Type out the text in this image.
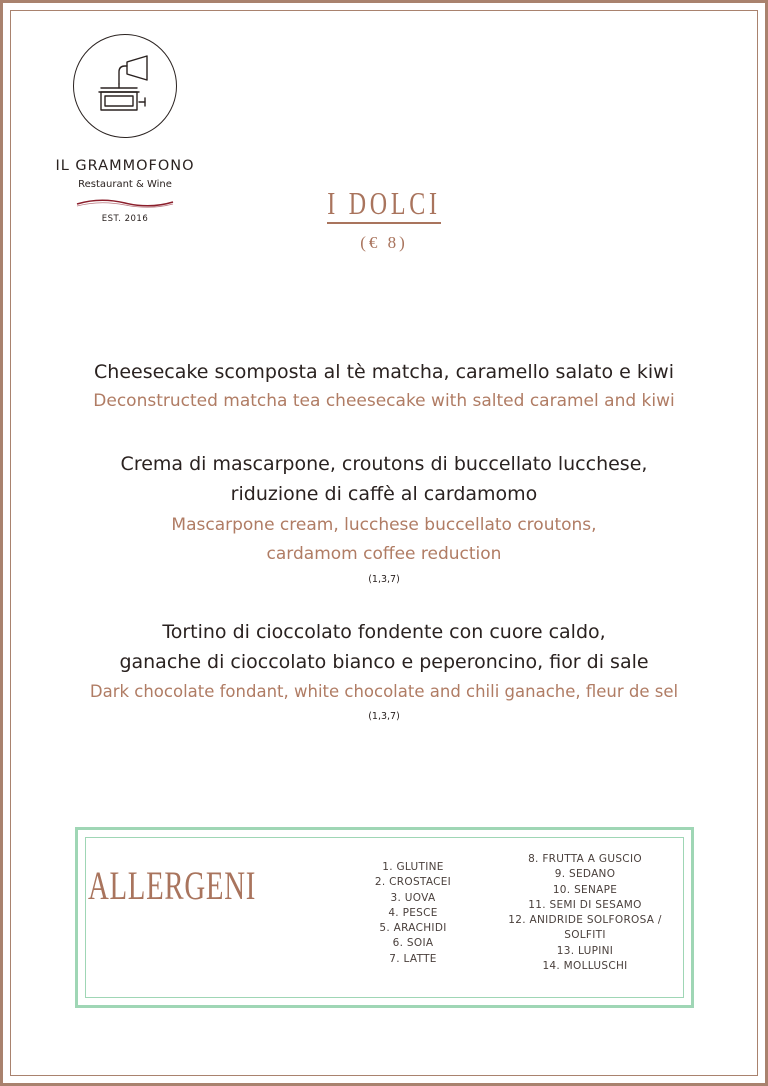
IL GRAMMOFONO
Restaurant & Wine
EST. 2016	I DOLCI
(€ 8)
Cheesecake scomposta al tè matcha, caramello salato e kiwi
Deconstructed matcha tea cheesecake with salted caramel and kiwi
Crema di mascarpone, croutons di buccellato lucchese,
riduzione di caffè al cardamomo
Mascarpone cream, lucchese buccellato croutons,
cardamom coffee reduction
(1,3,7)
Tortino di cioccolato fondente con cuore caldo,
ganache di cioccolato bianco e peperoncino, fior di sale
Dark chocolate fondant, white chocolate and chili ganache, fleur de sel
(1,3,7)
ALLERGENI	1. GLUTINE
2. CROSTACEI
3. UOVA
4. PESCE
5. ARACHIDI
6. SOIA
7. LATTE
8. FRUTTA A GUSCIO
9. SEDANO
10. SENAPE
11. SEMI DI SESAMO
12. ANIDRIDE SOLFOROSA /
SOLFITI
13. LUPINI
14. MOLLUSCHI
